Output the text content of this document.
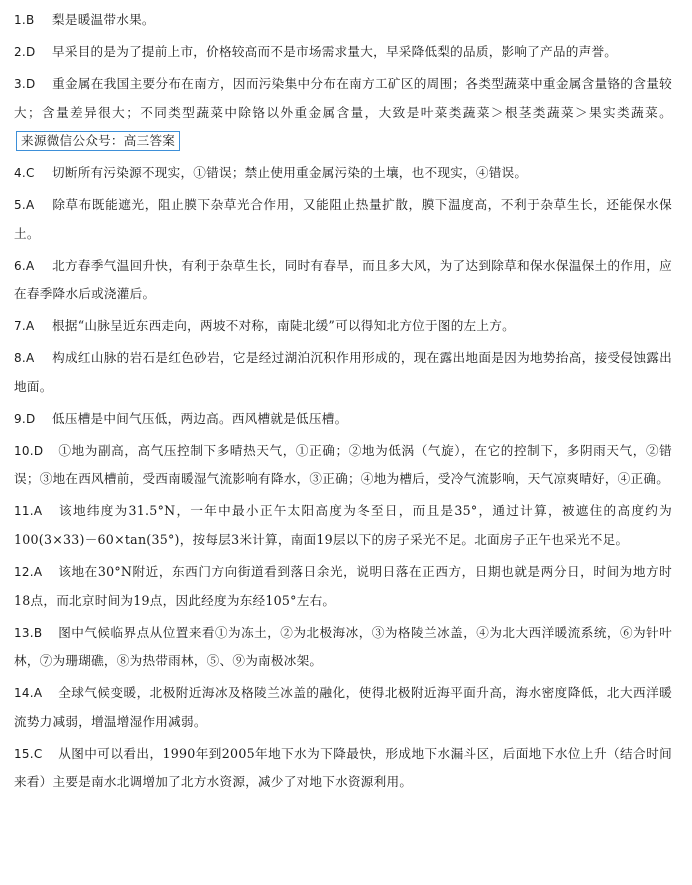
1.B 梨是暖温带水果。

2.D 早采目的是为了提前上市，价格较高而不是市场需求量大，早采降低梨的品质，影响了产品的声誉。

3.D 重金属在我国主要分布在南方，因而污染集中分布在南方工矿区的周围；各类型蔬菜中重金属含量铬的含量较大；含量差异很大；不同类型蔬菜中除铬以外重金属含量，大致是叶菜类蔬菜＞根茎类蔬菜＞果实类蔬菜。来源微信公众号：高三答案

4.C 切断所有污染源不现实，①错误；禁止使用重金属污染的土壤，也不现实，④错误。

5.A 除草布既能遮光，阻止膜下杂草光合作用，又能阻止热量扩散，膜下温度高，不利于杂草生长，还能保水保土。

6.A 北方春季气温回升快，有利于杂草生长，同时有春旱，而且多大风，为了达到除草和保水保温保土的作用，应在春季降水后或浇灌后。

7.A 根据“山脉呈近东西走向，两坡不对称，南陡北缓”可以得知北方位于图的左上方。

8.A 构成红山脉的岩石是红色砂岩，它是经过湖泊沉积作用形成的，现在露出地面是因为地势抬高，接受侵蚀露出地面。

9.D 低压槽是中间气压低，两边高。西风槽就是低压槽。

10.D ①地为副高，高气压控制下多晴热天气，①正确；②地为低涡（气旋），在它的控制下，多阴雨天气，②错误；③地在西风槽前，受西南暖湿气流影响有降水，③正确；④地为槽后，受冷气流影响，天气凉爽晴好，④正确。

11.A 该地纬度为31.5°N，一年中最小正午太阳高度为冬至日，而且是35°，通过计算，被遮住的高度约为100(3×33)－60×tan(35°)，按每层3米计算，南面19层以下的房子采光不足。北面房子正午也采光不足。

12.A 该地在30°N附近，东西门方向街道看到落日余光，说明日落在正西方，日期也就是两分日，时间为地方时18点，而北京时间为19点，因此经度为东经105°左右。

13.B 图中气候临界点从位置来看①为冻土，②为北极海冰，③为格陵兰冰盖，④为北大西洋暖流系统，⑥为针叶林，⑦为珊瑚礁，⑧为热带雨林，⑤、⑨为南极冰架。

14.A 全球气候变暖，北极附近海冰及格陵兰冰盖的融化，使得北极附近海平面升高，海水密度降低，北大西洋暖流势力减弱，增温增湿作用减弱。

15.C 从图中可以看出，1990年到2005年地下水为下降最快，形成地下水漏斗区，后面地下水位上升（结合时间来看）主要是南水北调增加了北方水资源，减少了对地下水资源利用。
